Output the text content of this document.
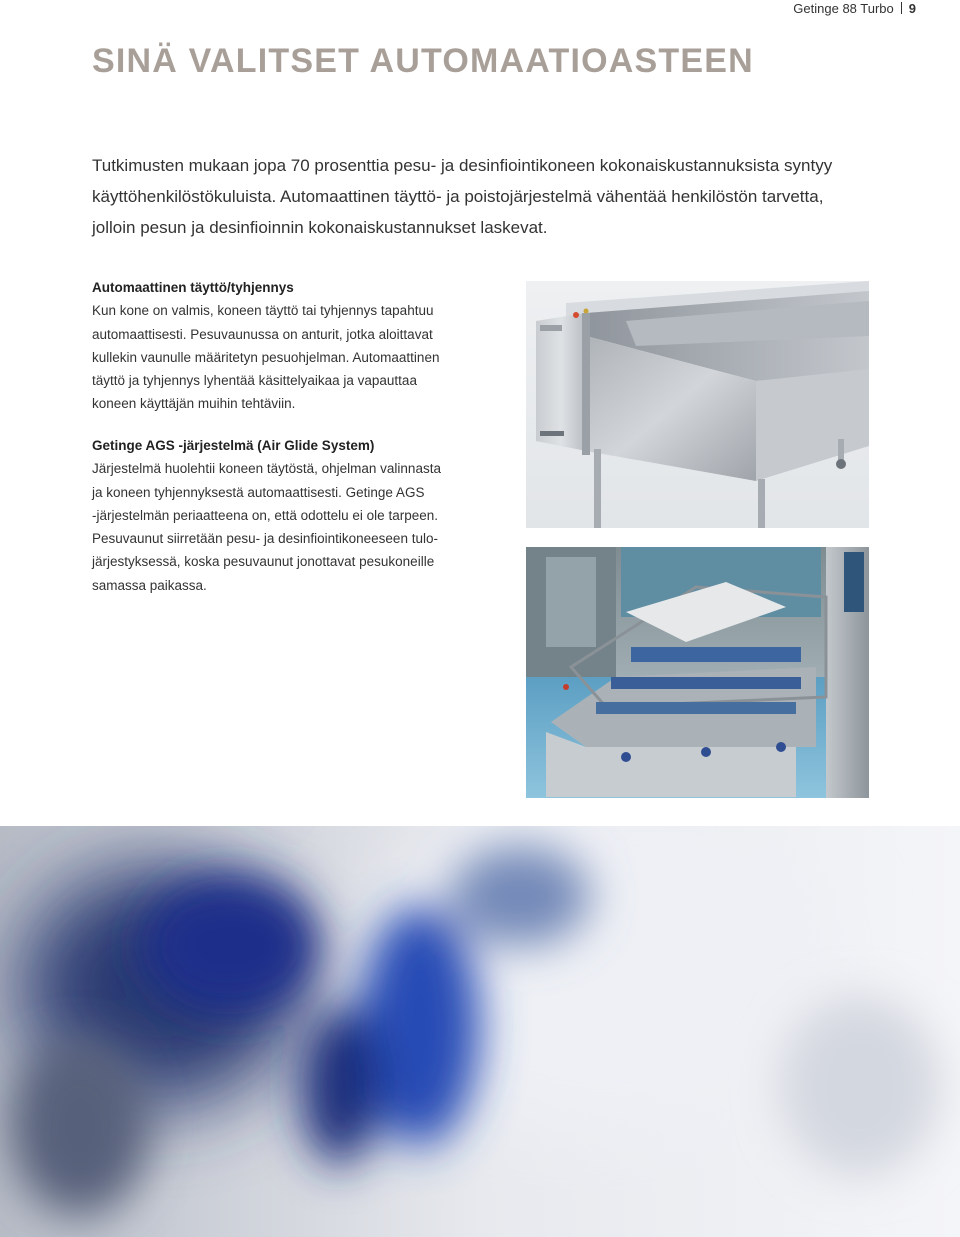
Getinge 88 Turbo 9
SINÄ VALITSET AUTOMAATIOASTEEN

Tutkimusten mukaan jopa 70 prosenttia pesu- ja desinfiointikoneen kokonaiskustannuksista syntyy
käyttöhenkilöstökuluista. Automaattinen täyttö- ja poistojärjestelmä vähentää henkilöstön tarvetta,
jolloin pesun ja desinfioinnin kokonaiskustannukset laskevat.

Automaattinen täyttö/tyhjennys
Kun kone on valmis, koneen täyttö tai tyhjennys tapahtuu
automaattisesti. Pesuvaunussa on anturit, jotka aloittavat
kullekin vaunulle määritetyn pesuohjelman. Automaattinen
täyttö ja tyhjennys lyhentää käsittelyaikaa ja vapauttaa
koneen käyttäjän muihin tehtäviin.
Getinge AGS -järjestelmä (Air Glide System)
Järjestelmä huolehtii koneen täytöstä, ohjelman valinnasta
ja koneen tyhjennyksestä automaattisesti. Getinge AGS
-järjestelmän periaatteena on, että odottelu ei ole tarpeen.
Pesuvaunut siirretään pesu- ja desinfiointikoneeseen tulo-
järjestyksessä, koska pesuvaunut jonottavat pesukoneille
samassa paikassa.
